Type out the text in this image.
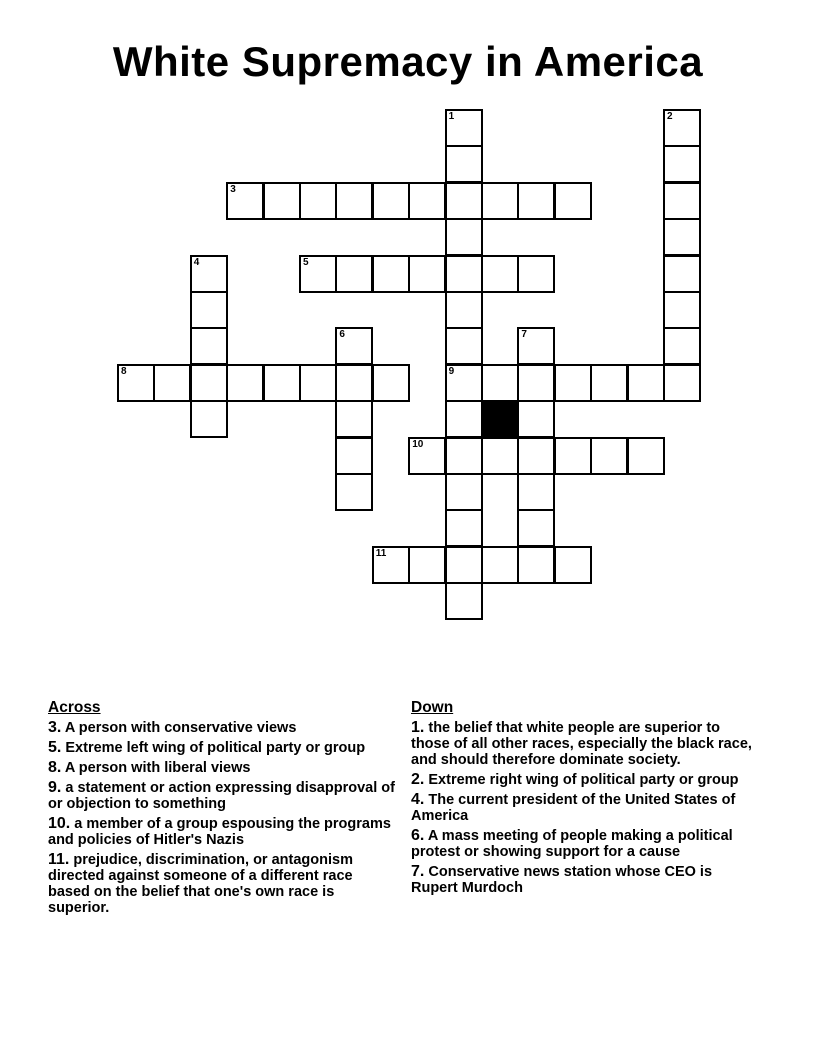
White Supremacy in America
1	2
3
4	5
6	7
8	9
10
11
Across
3. A person with conservative views
5. Extreme left wing of political party or group
8. A person with liberal views
9. a statement or action expressing disapproval of or objection to something
10. a member of a group espousing the programs and policies of Hitler's Nazis
11. prejudice, discrimination, or antagonism directed against someone of a different race based on the belief that one's own race is superior.
Down
1. the belief that white people are superior to those of all other races, especially the black race, and should therefore dominate society.
2. Extreme right wing of political party or group
4. The current president of the United States of America
6. A mass meeting of people making a political protest or showing support for a cause
7. Conservative news station whose CEO is Rupert Murdoch
